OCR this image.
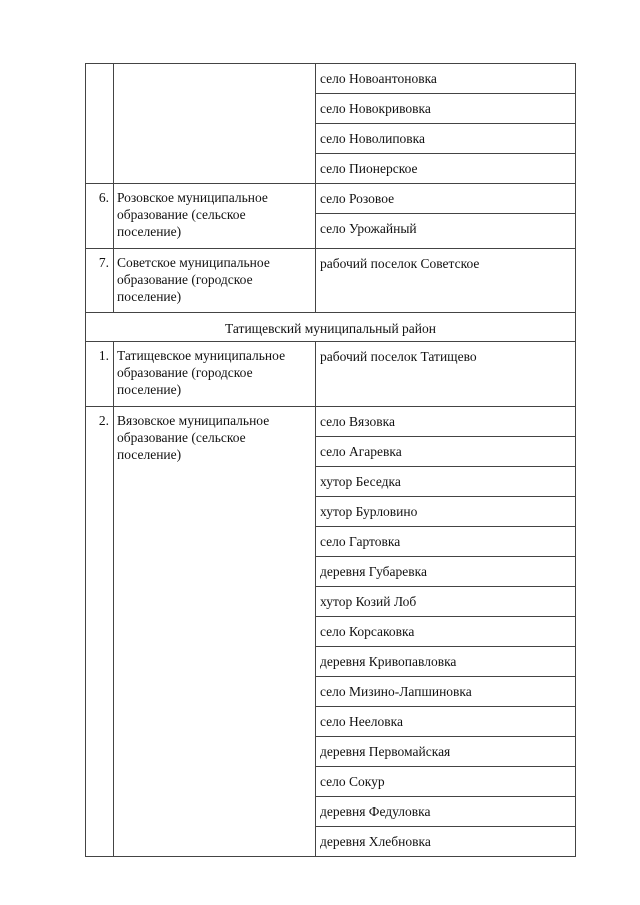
		село Новоантоновка
		село Новокривовка
		село Новолиповка
		село Пионерское
6.	Розовское муниципальное образование (сельское поселение)	село Розовое
		село Урожайный
7.	Советское муниципальное образование (городское поселение)	рабочий поселок Советское
Татищевский муниципальный район		
1.	Татищевское муниципальное образование (городское поселение)	рабочий поселок Татищево
2.	Вязовское муниципальное образование (сельское поселение)	село Вязовка
		село Агаревка
		хутор Беседка
		хутор Бурловино
		село Гартовка
		деревня Губаревка
		хутор Козий Лоб
		село Корсаковка
		деревня Кривопавловка
		село Мизино-Лапшиновка
		село Нееловка
		деревня Первомайская
		село Сокур
		деревня Федуловка
		деревня Хлебновка
